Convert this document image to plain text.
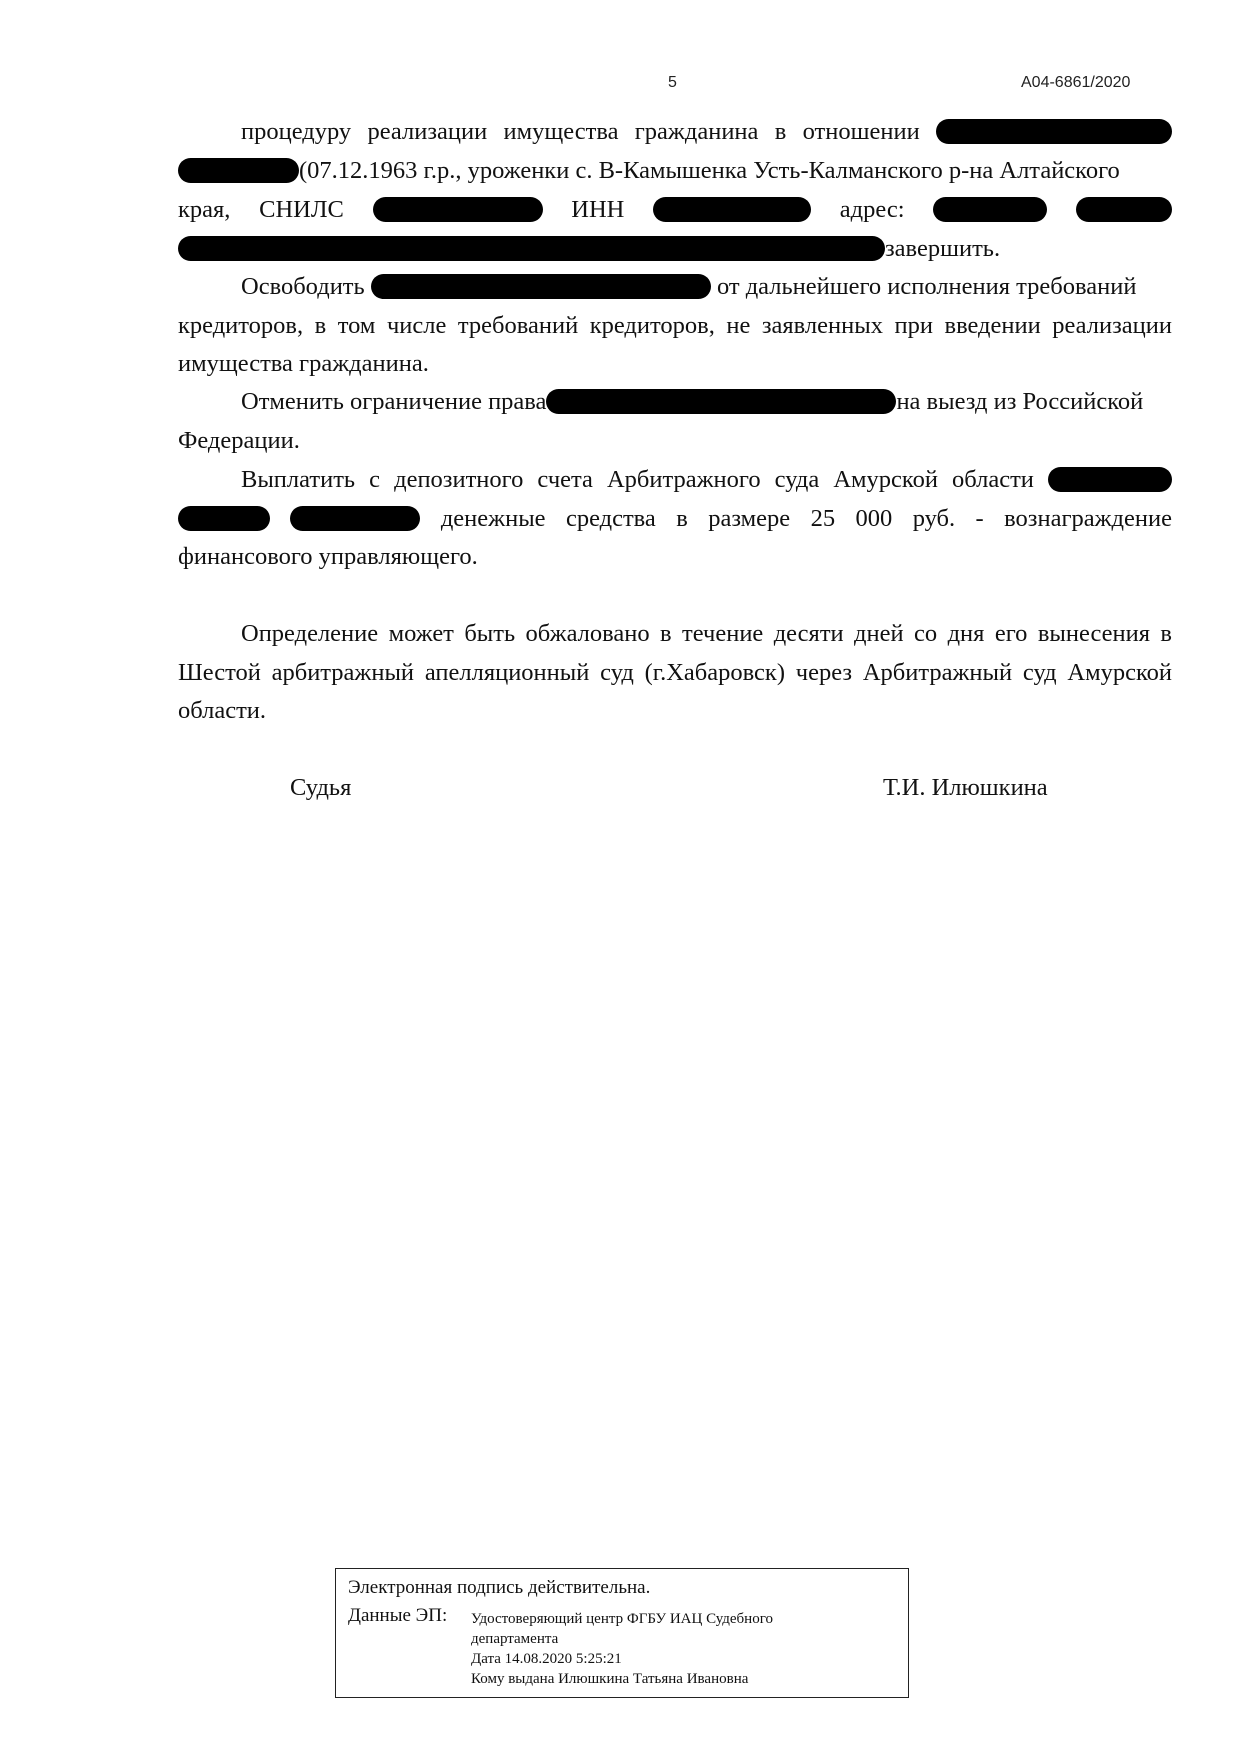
5	А04-6861/2020
процедуру реализации имущества гражданина в отношении
(07.12.1963 г.р., уроженки с. В-Камышенка Усть-Калманского р-на Алтайского
края, СНИЛС	ИНН	адрес:
завершить.
Освободить	от дальнейшего исполнения требований
кредиторов, в том числе требований кредиторов, не заявленных при введении реализации
имущества гражданина.
Отменить ограничение права	на выезд из Российской
Федерации.
Выплатить с депозитного счета Арбитражного суда Амурской области
денежные средства в размере 25 000 руб. - вознаграждение
финансового управляющего.
Определение может быть обжаловано в течение десяти дней со дня его вынесения в
Шестой арбитражный апелляционный суд (г.Хабаровск) через Арбитражный суд Амурской
области.
Судья	Т.И. Илюшкина
Электронная подпись действительна.
Данные ЭП: Удостоверяющий центр ФГБУ ИАЦ Судебного
департамента
Дата 14.08.2020 5:25:21
Кому выдана Илюшкина Татьяна Ивановна
